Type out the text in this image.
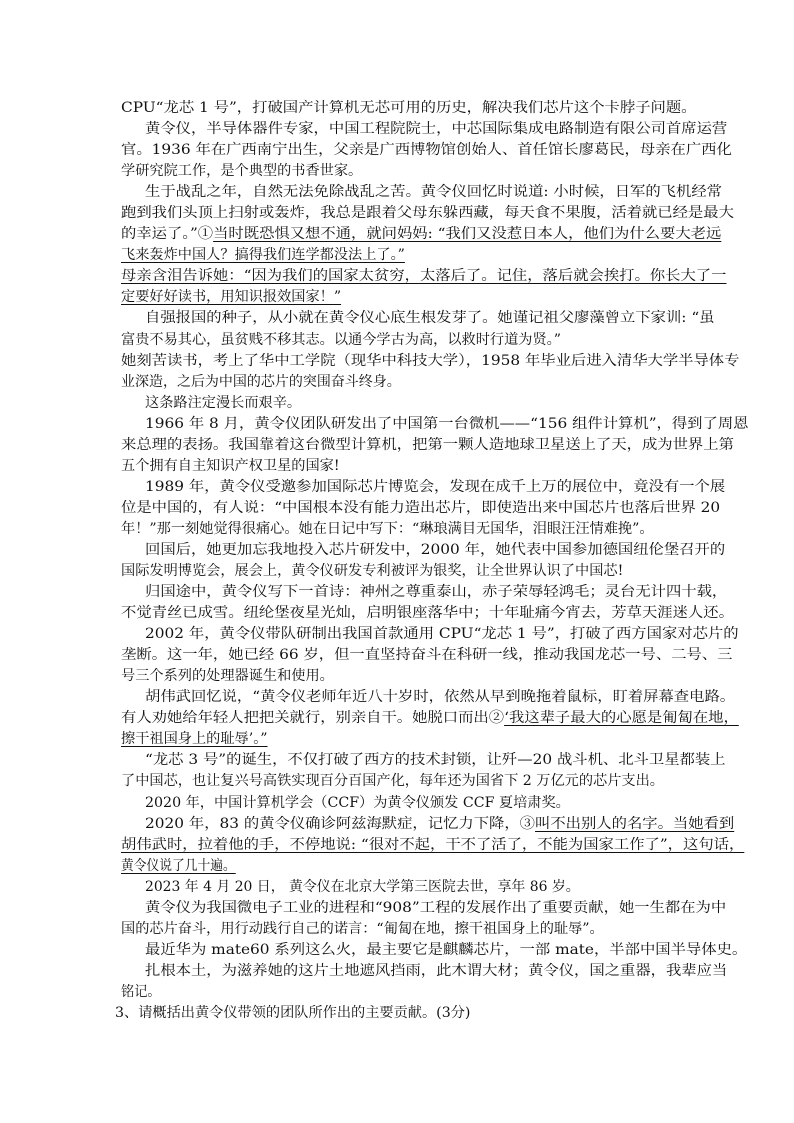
CPU“龙芯 1 号”，打破国产计算机无芯可用的历史，解决我们芯片这个卡脖子问题。
黄令仪，半导体器件专家，中国工程院院士，中芯国际集成电路制造有限公司首席运营
官。1936 年在广西南宁出生，父亲是广西博物馆创始人、首任馆长廖葛民，母亲在广西化
学研究院工作，是个典型的书香世家。
生于战乱之年，自然无法免除战乱之苦。黄令仪回忆时说道: 小时候，日军的飞机经常
跑到我们头顶上扫射或轰炸，我总是跟着父母东躲西藏，每天食不果腹，活着就已经是最大
的幸运了。”①当时既恐惧又想不通，就问妈妈: “我们又没惹日本人，他们为什么要大老远
飞来轰炸中国人？搞得我们连学都没法上了。”
母亲含泪告诉她：“因为我们的国家太贫穷，太落后了。记住，落后就会挨打。你长大了一
定要好好读书，用知识报效国家！”
自强报国的种子，从小就在黄令仪心底生根发芽了。她谨记祖父廖藻曾立下家训: “虽
富贵不易其心，虽贫贱不移其志。以通今学古为高，以救时行道为贤。”
她刻苦读书，考上了华中工学院（现华中科技大学），1958 年毕业后进入清华大学半导体专
业深造，之后为中国的芯片的突围奋斗终身。
这条路注定漫长而艰辛。
1966 年 8 月，黄令仪团队研发出了中国第一台微机——“156 组件计算机”，得到了周恩
来总理的表扬。我国靠着这台微型计算机，把第一颗人造地球卫星送上了天，成为世界上第
五个拥有自主知识产权卫星的国家!
1989 年，黄令仪受邀参加国际芯片博览会，发现在成千上万的展位中，竟没有一个展
位是中国的，有人说：“中国根本没有能力造出芯片，即使造出来中国芯片也落后世界 20
年！”那一刻她觉得很痛心。她在日记中写下：“琳琅满目无国华，泪眼汪汪情难挽”。
回国后，她更加忘我地投入芯片研发中，2000 年，她代表中国参加德国纽伦堡召开的
国际发明博览会，展会上，黄令仪研发专利被评为银奖，让全世界认识了中国芯!
归国途中，黄令仪写下一首诗：神州之尊重泰山，赤子荣辱轻鸿毛；灵台无计四十载，
不觉青丝已成雪。纽纶堡夜星光灿，启明银座落华中；十年耻痛今宵去，芳草天涯迷人还。
2002 年，黄令仪带队研制出我国首款通用 CPU“龙芯 1 号”，打破了西方国家对芯片的
垄断。这一年，她已经 66 岁，但一直坚持奋斗在科研一线，推动我国龙芯一号、二号、三
号三个系列的处理器诞生和使用。
胡伟武回忆说，“黄令仪老师年近八十岁时，依然从早到晚拖着鼠标，盯着屏幕查电路。
有人劝她给年轻人把把关就行，别亲自干。她脱口而出②‘我这辈子最大的心愿是匍匐在地，
擦干祖国身上的耻辱’。”
“龙芯 3 号”的诞生，不仅打破了西方的技术封锁，让歼—20 战斗机、北斗卫星都装上
了中国芯，也让复兴号高铁实现百分百国产化，每年还为国省下 2 万亿元的芯片支出。
2020 年，中国计算机学会（CCF）为黄令仪颁发 CCF 夏培肃奖。
2020 年，83 的黄令仪确诊阿兹海默症，记忆力下降，③叫不出别人的名字。当她看到
胡伟武时，拉着他的手，不停地说: “很对不起，干不了活了，不能为国家工作了”，这句话，
黄令仪说了几十遍。
2023 年 4 月 20 日， 黄令仪在北京大学第三医院去世，享年 86 岁。
黄令仪为我国微电子工业的进程和“908”工程的发展作出了重要贡献，她一生都在为中
国的芯片奋斗，用行动践行自己的诺言：“匍匐在地，擦干祖国身上的耻辱”。
最近华为 mate60 系列这么火，最主要它是麒麟芯片，一部 mate，半部中国半导体史。
扎根本土，为滋养她的这片土地遮风挡雨，此木谓大材；黄令仪，国之重器，我辈应当
铭记。
3、请概括出黄令仪带领的团队所作出的主要贡献。(3分)
